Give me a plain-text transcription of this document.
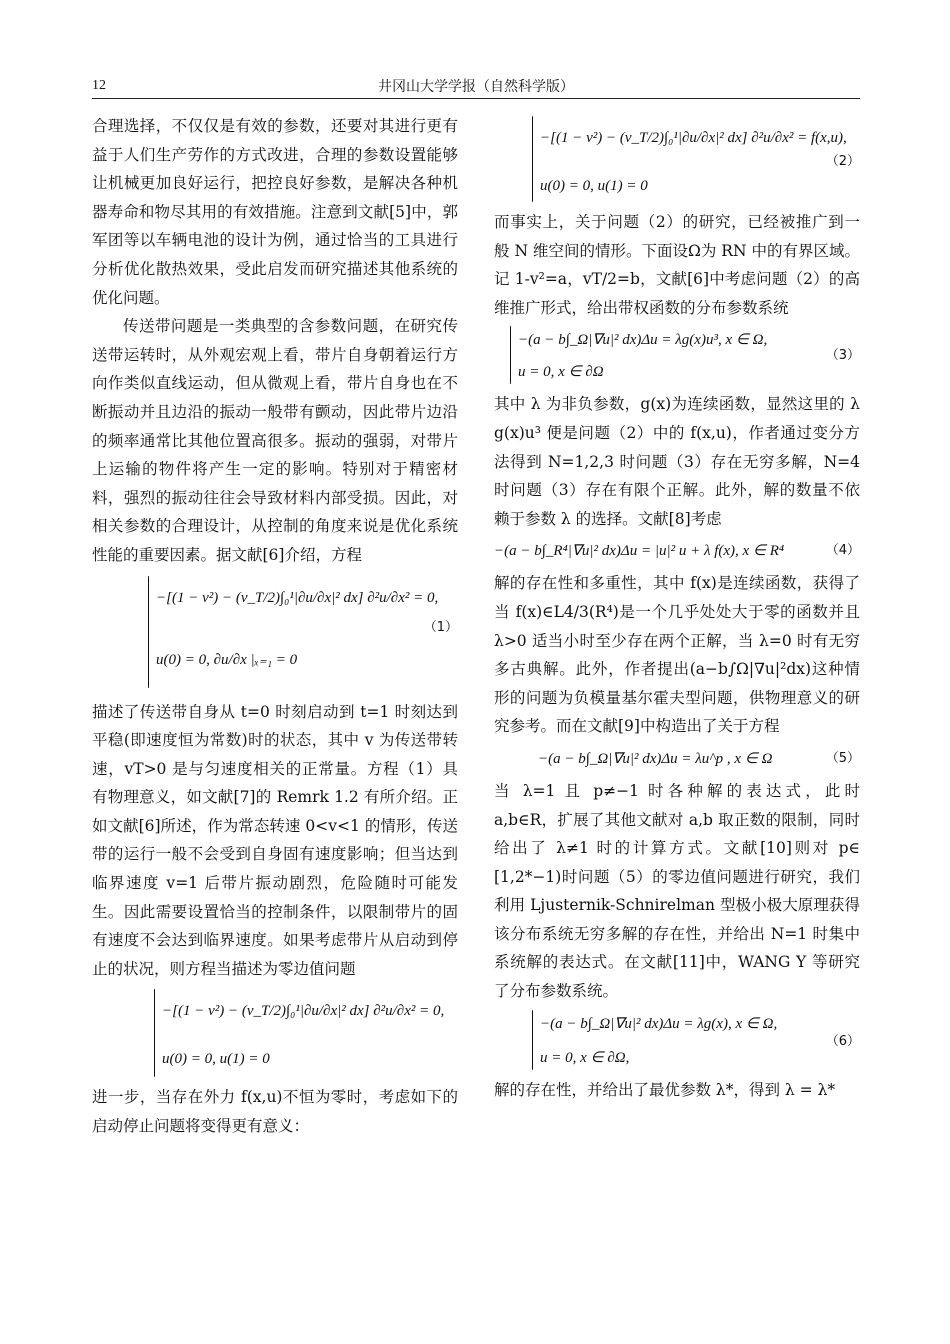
12	井冈山大学学报（自然科学版）

合理选择，不仅仅是有效的参数，还要对其进行更有益于人们生产劳作的方式改进，合理的参数设置能够让机械更加良好运行，把控良好参数，是解决各种机器寿命和物尽其用的有效措施。注意到文献[5]中，郭军团等以车辆电池的设计为例，通过恰当的工具进行分析优化散热效果，受此启发而研究描述其他系统的优化问题。

传送带问题是一类典型的含参数问题，在研究传送带运转时，从外观宏观上看，带片自身朝着运行方向作类似直线运动，但从微观上看，带片自身也在不断振动并且边沿的振动一般带有颤动，因此带片边沿的频率通常比其他位置高很多。振动的强弱，对带片上运输的物件将产生一定的影响。特别对于精密材料，强烈的振动往往会导致材料内部受损。因此，对相关参数的合理设计，从控制的角度来说是优化系统性能的重要因素。据文献[6]介绍，方程

−[(1 − v²) − (v_T/2)∫₀¹|∂u/∂x|² dx] ∂²u/∂x² = 0,
u(0) = 0, ∂u/∂x |ₓ₌₁ = 0
（1）

描述了传送带自身从 t=0 时刻启动到 t=1 时刻达到平稳(即速度恒为常数)时的状态，其中 v 为传送带转速，vT>0 是与匀速度相关的正常量。方程（1）具有物理意义，如文献[7]的 Remrk 1.2 有所介绍。正如文献[6]所述，作为常态转速 0<v<1 的情形，传送带的运行一般不会受到自身固有速度影响；但当达到临界速度 v=1 后带片振动剧烈，危险随时可能发生。因此需要设置恰当的控制条件，以限制带片的固有速度不会达到临界速度。如果考虑带片从启动到停止的状况，则方程当描述为零边值问题

−[(1 − v²) − (v_T/2)∫₀¹|∂u/∂x|² dx] ∂²u/∂x² = 0,
u(0) = 0, u(1) = 0

进一步，当存在外力 f(x,u)不恒为零时，考虑如下的启动停止问题将变得更有意义：

−[(1 − v²) − (v_T/2)∫₀¹|∂u/∂x|² dx] ∂²u/∂x² = f(x,u),
u(0) = 0, u(1) = 0
（2）

而事实上，关于问题（2）的研究，已经被推广到一般 N 维空间的情形。下面设Ω为 RN 中的有界区域。记 1-v²=a，vT/2=b，文献[6]中考虑问题（2）的高维推广形式，给出带权函数的分布参数系统

−(a − b∫_Ω|∇u|² dx)Δu = λg(x)u³, x ∈ Ω,
u = 0, x ∈ ∂Ω
（3）

其中 λ 为非负参数，g(x)为连续函数，显然这里的 λ g(x)u³ 便是问题（2）中的 f(x,u)，作者通过变分方法得到 N=1,2,3 时问题（3）存在无穷多解，N=4 时问题（3）存在有限个正解。此外，解的数量不依赖于参数 λ 的选择。文献[8]考虑

−(a − b∫_R⁴|∇u|² dx)Δu = |u|² u + λ f(x), x ∈ R⁴	（4）

解的存在性和多重性，其中 f(x)是连续函数，获得了当 f(x)∈L4/3(R⁴)是一个几乎处处大于零的函数并且 λ>0 适当小时至少存在两个正解，当 λ=0 时有无穷多古典解。此外，作者提出(a−b∫Ω|∇u|²dx)这种情形的问题为负模量基尔霍夫型问题，供物理意义的研究参考。而在文献[9]中构造出了关于方程

−(a − b∫_Ω|∇u|² dx)Δu = λu^p , x ∈ Ω	（5）

当 λ=1 且 p≠−1 时各种解的表达式，此时 a,b∈R，扩展了其他文献对 a,b 取正数的限制，同时给出了 λ≠1 时的计算方式。文献[10]则对 p∈ [1,2*−1)时问题（5）的零边值问题进行研究，我们利用 Ljusternik-Schnirelman 型极小极大原理获得该分布系统无穷多解的存在性，并给出 N=1 时集中系统解的表达式。在文献[11]中，WANG Y 等研究了分布参数系统。

−(a − b∫_Ω|∇u|² dx)Δu = λg(x), x ∈ Ω,
u = 0, x ∈ ∂Ω,
（6）

解的存在性，并给出了最优参数 λ*，得到 λ = λ*
